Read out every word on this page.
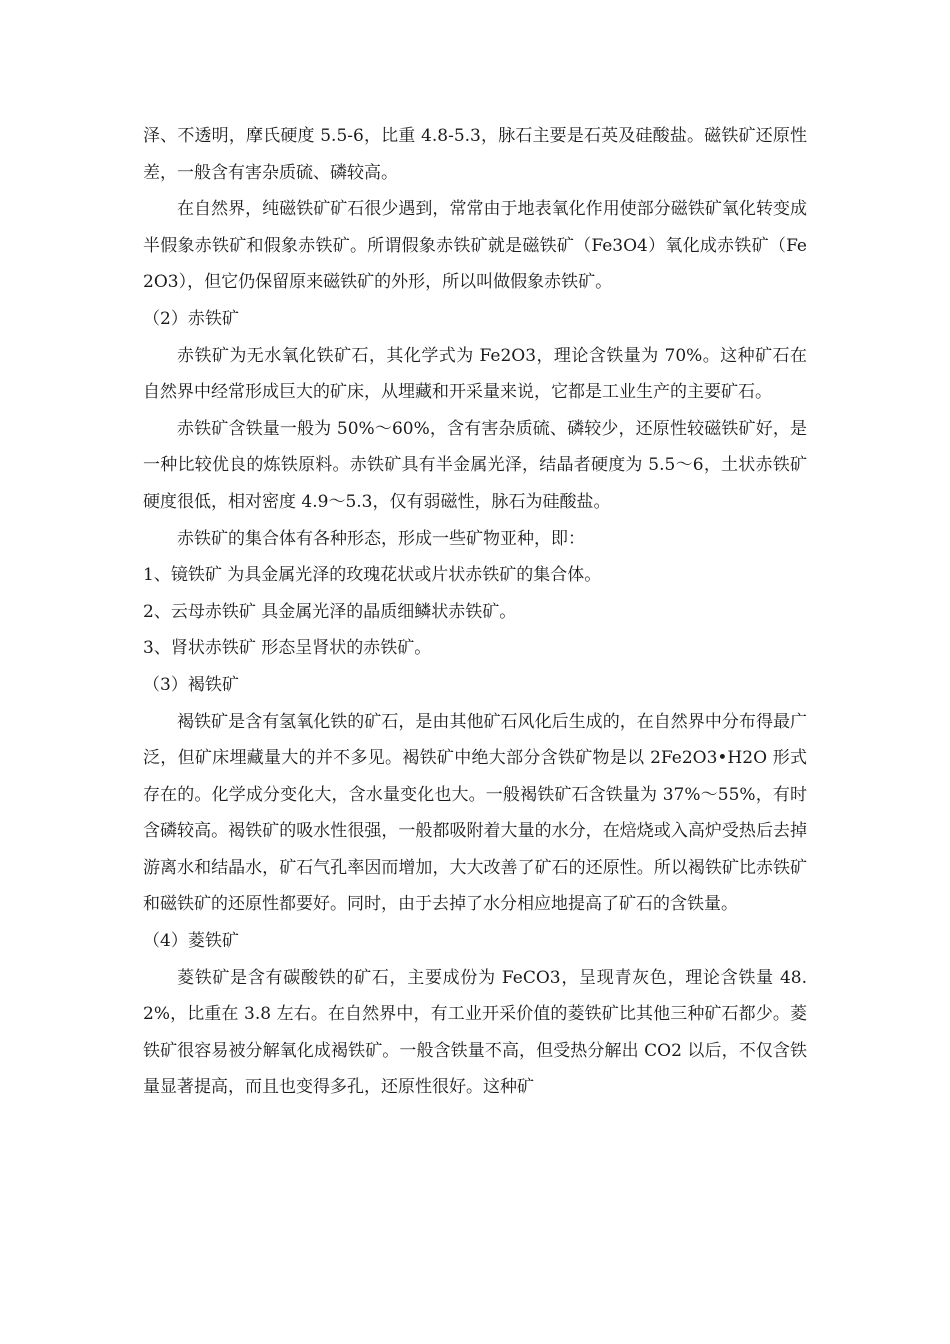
泽、不透明，摩氏硬度 5.5-6，比重 4.8-5.3，脉石主要是石英及硅酸盐。磁铁矿还原性差，一般含有害杂质硫、磷较高。

在自然界，纯磁铁矿矿石很少遇到，常常由于地表氧化作用使部分磁铁矿氧化转变成半假象赤铁矿和假象赤铁矿。所谓假象赤铁矿就是磁铁矿（Fe3O4）氧化成赤铁矿（Fe2O3），但它仍保留原来磁铁矿的外形，所以叫做假象赤铁矿。

（2）赤铁矿

赤铁矿为无水氧化铁矿石，其化学式为 Fe2O3，理论含铁量为 70%。这种矿石在自然界中经常形成巨大的矿床，从埋藏和开采量来说，它都是工业生产的主要矿石。

赤铁矿含铁量一般为 50%～60%，含有害杂质硫、磷较少，还原性较磁铁矿好，是一种比较优良的炼铁原料。赤铁矿具有半金属光泽，结晶者硬度为 5.5～6，土状赤铁矿硬度很低，相对密度 4.9～5.3，仅有弱磁性，脉石为硅酸盐。

赤铁矿的集合体有各种形态，形成一些矿物亚种，即：

1、镜铁矿 为具金属光泽的玫瑰花状或片状赤铁矿的集合体。

2、云母赤铁矿 具金属光泽的晶质细鳞状赤铁矿。

3、肾状赤铁矿 形态呈肾状的赤铁矿。

（3）褐铁矿

褐铁矿是含有氢氧化铁的矿石，是由其他矿石风化后生成的，在自然界中分布得最广泛，但矿床埋藏量大的并不多见。褐铁矿中绝大部分含铁矿物是以 2Fe2O3•H2O 形式存在的。化学成分变化大，含水量变化也大。一般褐铁矿石含铁量为 37%～55%，有时含磷较高。褐铁矿的吸水性很强，一般都吸附着大量的水分，在焙烧或入高炉受热后去掉游离水和结晶水，矿石气孔率因而增加，大大改善了矿石的还原性。所以褐铁矿比赤铁矿和磁铁矿的还原性都要好。同时，由于去掉了水分相应地提高了矿石的含铁量。

（4）菱铁矿

菱铁矿是含有碳酸铁的矿石，主要成份为 FeCO3，呈现青灰色，理论含铁量 48.2%，比重在 3.8 左右。在自然界中，有工业开采价值的菱铁矿比其他三种矿石都少。菱铁矿很容易被分解氧化成褐铁矿。一般含铁量不高，但受热分解出 CO2 以后，不仅含铁量显著提高，而且也变得多孔，还原性很好。这种矿
